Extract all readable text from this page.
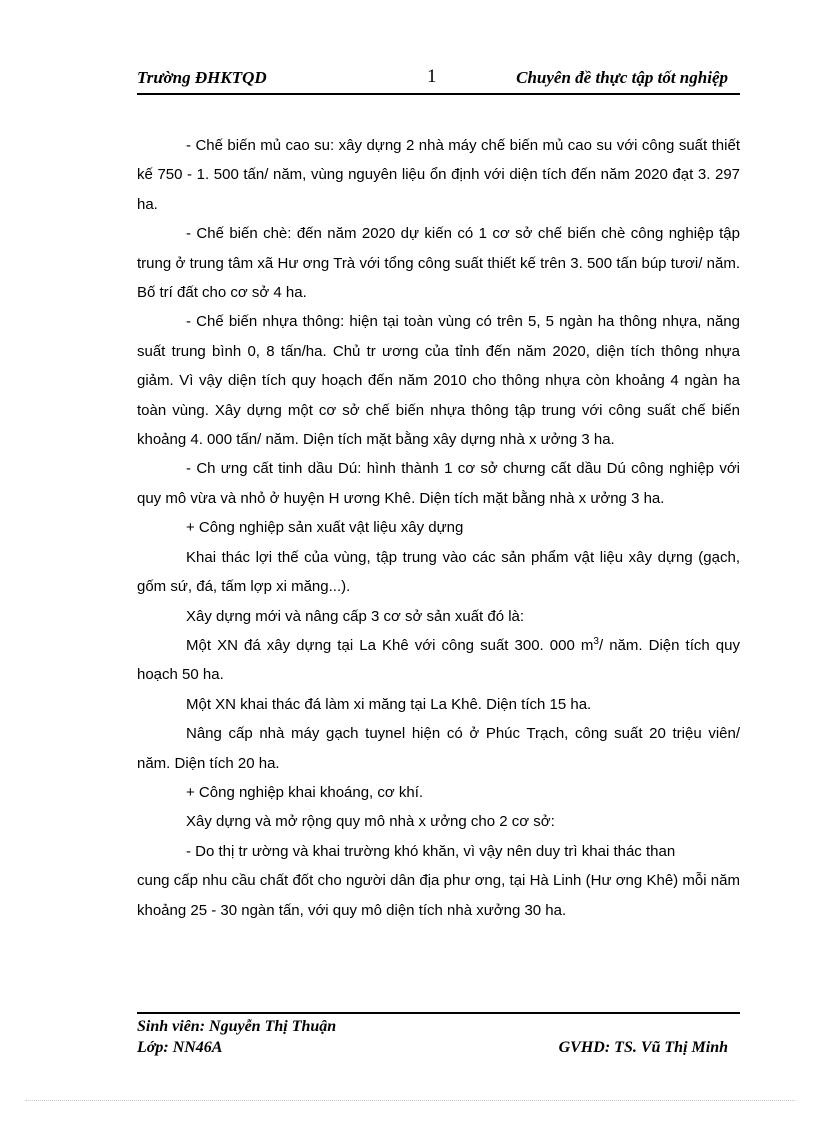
Trường ĐHKTQD	1	Chuyên đề thực tập tốt nghiệp

- Chế biến mủ cao su: xây dựng 2 nhà máy chế biến mủ cao su với công suất thiết kế 750 - 1. 500 tấn/ năm, vùng nguyên liệu ổn định với diện tích đến năm 2020 đạt 3. 297 ha.

- Chế biến chè: đến năm 2020 dự kiến có 1 cơ sở chế biến chè công nghiệp tập trung ở trung tâm xã Hư ơng Trà với tổng công suất thiết kế trên 3. 500 tấn búp tươi/ năm. Bố trí đất cho cơ sở 4 ha.

- Chế biến nhựa thông: hiện tại toàn vùng có trên 5, 5 ngàn ha thông nhựa, năng suất trung bình 0, 8 tấn/ha. Chủ tr ương của tỉnh đến năm 2020, diện tích thông nhựa giảm. Vì vậy diện tích quy hoạch đến năm 2010 cho thông nhựa còn khoảng 4 ngàn ha toàn vùng. Xây dựng một cơ sở chế biến nhựa thông tập trung với công suất chế biến khoảng 4. 000 tấn/ năm. Diện tích mặt bằng xây dựng nhà x ưởng 3 ha.

- Ch ưng cất tinh dầu Dú: hình thành 1 cơ sở chưng cất dầu Dú công nghiệp với quy mô vừa và nhỏ ở huyện H ương Khê. Diện tích mặt bằng nhà x ưởng 3 ha.

+ Công nghiệp sản xuất vật liệu xây dựng

Khai thác lợi thế của vùng, tập trung vào các sản phẩm vật liệu xây dựng (gạch, gốm sứ, đá, tấm lợp xi măng...).

Xây dựng mới và nâng cấp 3 cơ sở sản xuất đó là:

Một XN đá xây dựng tại La Khê với công suất 300. 000 $m^3/$ năm. Diện tích quy hoạch 50 ha.

Một XN khai thác đá làm xi măng tại La Khê. Diện tích 15 ha.

Nâng cấp nhà máy gạch tuynel hiện có ở Phúc Trạch, công suất 20 triệu viên/ năm. Diện tích 20 ha.

+ Công nghiệp khai khoáng, cơ khí.

Xây dựng và mở rộng quy mô nhà x ưởng cho 2 cơ sở:

- Do thị tr ường và khai trường khó khăn, vì vậy nên duy trì khai thác than

cung cấp nhu cầu chất đốt cho người dân địa phư ơng, tại Hà Linh (Hư ơng Khê) mỗi năm khoảng 25 - 30 ngàn tấn, với quy mô diện tích nhà xưởng 30 ha.

Sinh viên: Nguyễn Thị Thuận
Lớp: NN46A	GVHD: TS. Vũ Thị Minh
